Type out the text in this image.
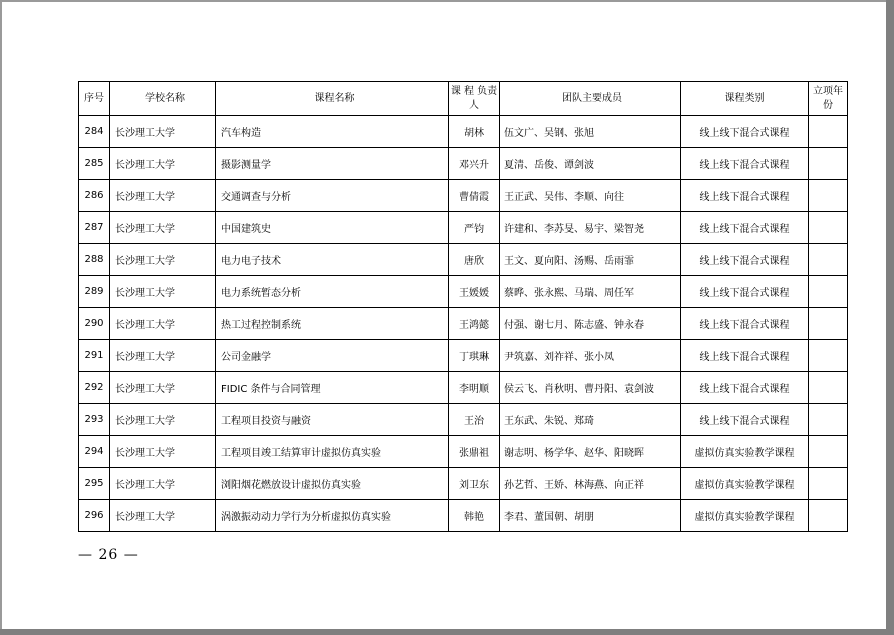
序号	学校名称	课程名称	课 程 负责人	团队主要成员	课程类别	立项年份
284	长沙理工大学	汽车构造	胡林	伍文广、吴钢、张旭	线上线下混合式课程	
285	长沙理工大学	摄影测量学	邓兴升	夏清、岳俊、谭剑波	线上线下混合式课程	
286	长沙理工大学	交通调查与分析	曹倩霞	王正武、吴伟、李顺、向往	线上线下混合式课程	
287	长沙理工大学	中国建筑史	严钧	许建和、李苏旻、易宇、梁智尧	线上线下混合式课程	
288	长沙理工大学	电力电子技术	唐欣	王文、夏向阳、汤赐、岳雨霏	线上线下混合式课程	
289	长沙理工大学	电力系统暂态分析	王媛媛	蔡晔、张永熙、马瑞、周任军	线上线下混合式课程	
290	长沙理工大学	热工过程控制系统	王鸿懿	付强、谢七月、陈志盛、钟永春	线上线下混合式课程	
291	长沙理工大学	公司金融学	丁琪琳	尹筑嘉、刘祚祥、张小凤	线上线下混合式课程	
292	长沙理工大学	FIDIC 条件与合同管理	李明顺	侯云飞、肖秋明、曹丹阳、袁剑波	线上线下混合式课程	
293	长沙理工大学	工程项目投资与融资	王治	王东武、朱锐、郑琦	线上线下混合式课程	
294	长沙理工大学	工程项目竣工结算审计虚拟仿真实验	张鼎祖	谢志明、杨学华、赵华、阳晓晖	虚拟仿真实验教学课程	
295	长沙理工大学	浏阳烟花燃放设计虚拟仿真实验	刘卫东	孙艺哲、王娇、林海燕、向正祥	虚拟仿真实验教学课程	
296	长沙理工大学	涡激振动动力学行为分析虚拟仿真实验	韩艳	李君、董国朝、胡朋	虚拟仿真实验教学课程	
— 26 —
